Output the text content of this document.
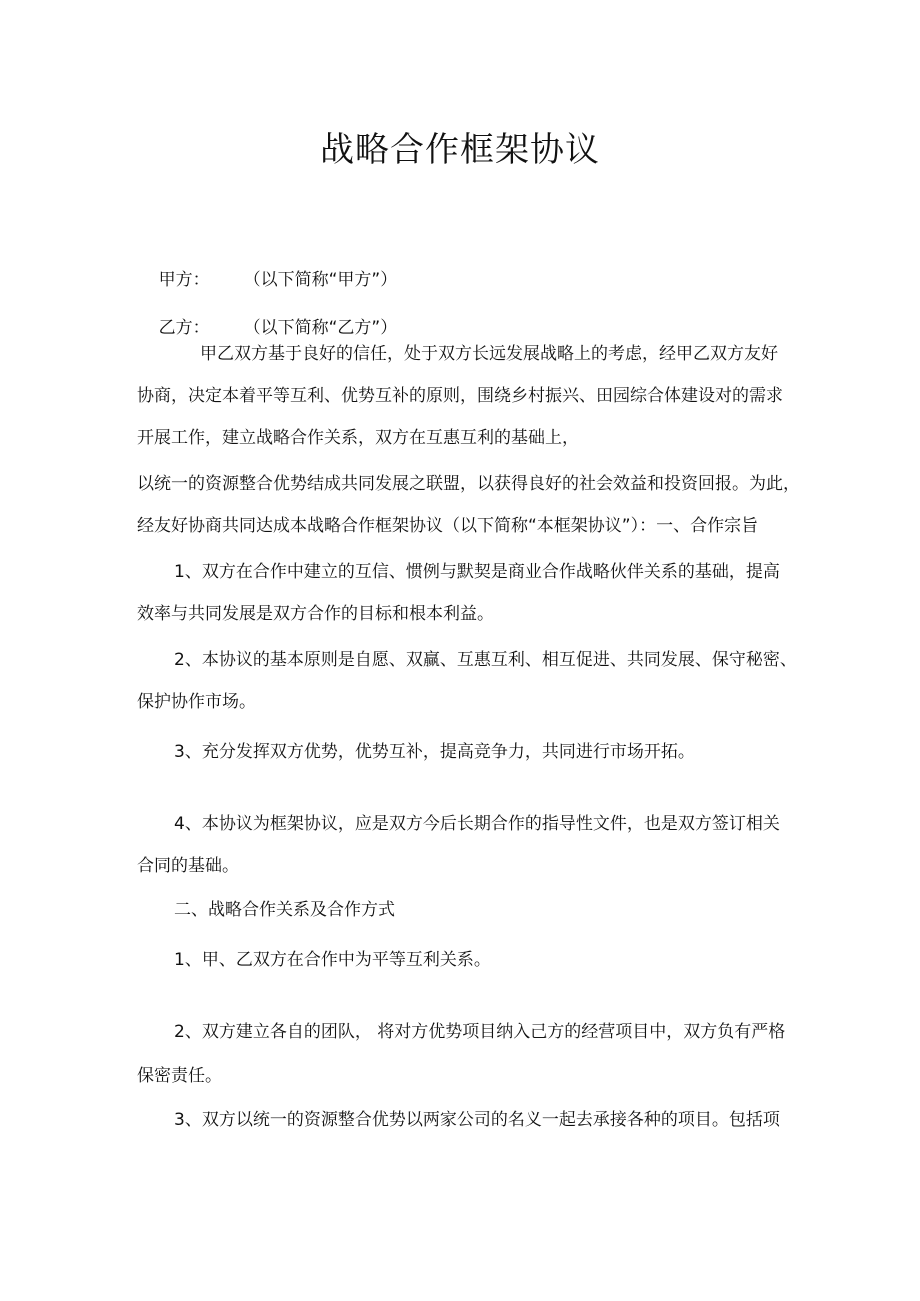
战略合作框架协议

甲方： （以下简称“甲方”）

乙方： （以下简称“乙方”）

甲乙双方基于良好的信任，处于双方长远发展战略上的考虑，经甲乙双方友好
协商，决定本着平等互利、优势互补的原则，围绕乡村振兴、田园综合体建设对的需求
开展工作，建立战略合作关系，双方在互惠互利的基础上，
以统一的资源整合优势结成共同发展之联盟，以获得良好的社会效益和投资回报。为此，
经友好协商共同达成本战略合作框架协议（以下简称“本框架协议”）：一、合作宗旨
1、双方在合作中建立的互信、惯例与默契是商业合作战略伙伴关系的基础，提高
效率与共同发展是双方合作的目标和根本利益。
2、本协议的基本原则是自愿、双赢、互惠互利、相互促进、共同发展、保守秘密、
保护协作市场。
3、充分发挥双方优势，优势互补，提高竞争力，共同进行市场开拓。
4、本协议为框架协议，应是双方今后长期合作的指导性文件，也是双方签订相关
合同的基础。
二、战略合作关系及合作方式
1、甲、乙双方在合作中为平等互利关系。
2、双方建立各自的团队， 将对方优势项目纳入己方的经营项目中，双方负有严格
保密责任。
3、双方以统一的资源整合优势以两家公司的名义一起去承接各种的项目。包括项
